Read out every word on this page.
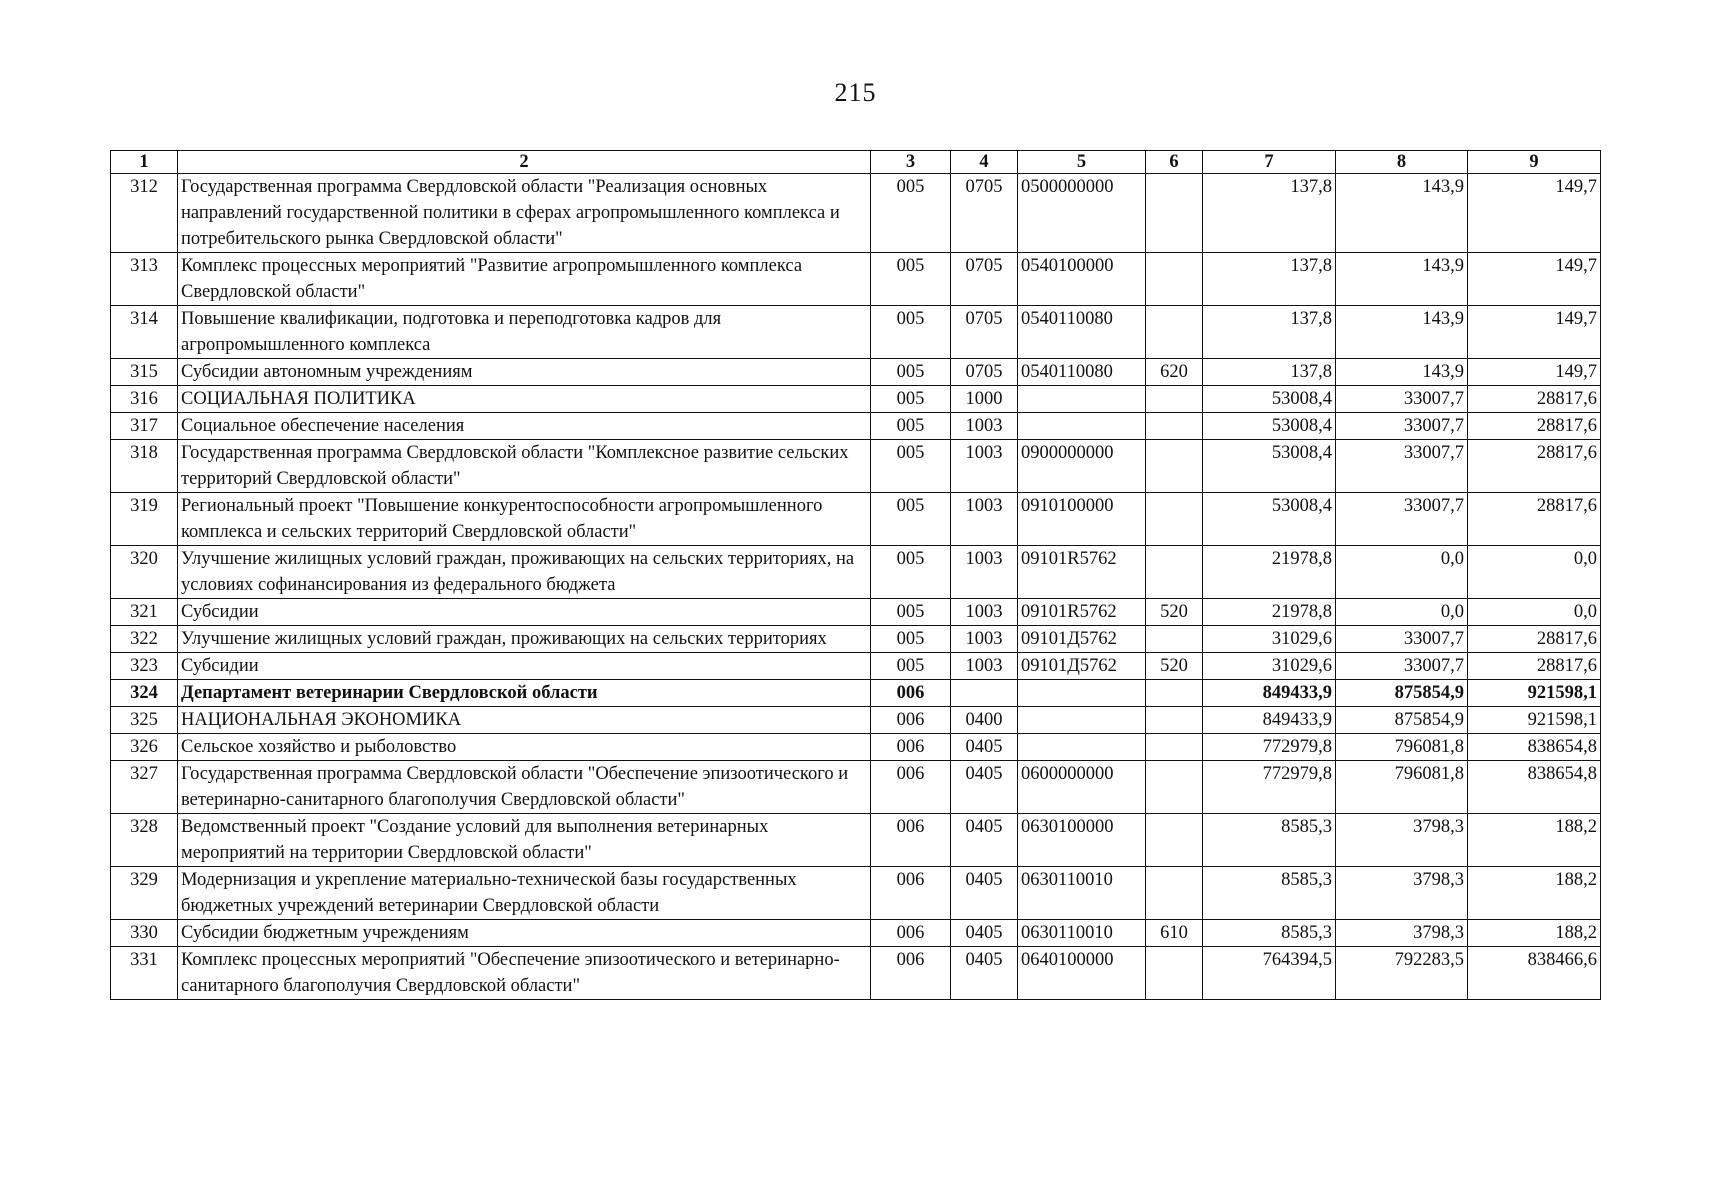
215
1	2	3	4	5	6	7	8	9
312	Государственная программа Свердловской области "Реализация основных направлений государственной политики в сферах агропромышленного комплекса и потребительского рынка Свердловской области"	005	0705	0500000000		137,8	143,9	149,7
313	Комплекс процессных мероприятий "Развитие агропромышленного комплекса Свердловской области"	005	0705	0540100000		137,8	143,9	149,7
314	Повышение квалификации, подготовка и переподготовка кадров для агропромышленного комплекса	005	0705	0540110080		137,8	143,9	149,7
315	Субсидии автономным учреждениям	005	0705	0540110080	620	137,8	143,9	149,7
316	СОЦИАЛЬНАЯ ПОЛИТИКА	005	1000			53008,4	33007,7	28817,6
317	Социальное обеспечение населения	005	1003			53008,4	33007,7	28817,6
318	Государственная программа Свердловской области "Комплексное развитие сельских территорий Свердловской области"	005	1003	0900000000		53008,4	33007,7	28817,6
319	Региональный проект "Повышение конкурентоспособности агропромышленного комплекса и сельских территорий Свердловской области"	005	1003	0910100000		53008,4	33007,7	28817,6
320	Улучшение жилищных условий граждан, проживающих на сельских территориях, на условиях софинансирования из федерального бюджета	005	1003	09101R5762		21978,8	0,0	0,0
321	Субсидии	005	1003	09101R5762	520	21978,8	0,0	0,0
322	Улучшение жилищных условий граждан, проживающих на сельских территориях	005	1003	09101Д5762		31029,6	33007,7	28817,6
323	Субсидии	005	1003	09101Д5762	520	31029,6	33007,7	28817,6
324	Департамент ветеринарии Свердловской области	006				849433,9	875854,9	921598,1
325	НАЦИОНАЛЬНАЯ ЭКОНОМИКА	006	0400			849433,9	875854,9	921598,1
326	Сельское хозяйство и рыболовство	006	0405			772979,8	796081,8	838654,8
327	Государственная программа Свердловской области "Обеспечение эпизоотического и ветеринарно-санитарного благополучия Свердловской области"	006	0405	0600000000		772979,8	796081,8	838654,8
328	Ведомственный проект "Создание условий для выполнения ветеринарных мероприятий на территории Свердловской области"	006	0405	0630100000		8585,3	3798,3	188,2
329	Модернизация и укрепление материально-технической базы государственных бюджетных учреждений ветеринарии Свердловской области	006	0405	0630110010		8585,3	3798,3	188,2
330	Субсидии бюджетным учреждениям	006	0405	0630110010	610	8585,3	3798,3	188,2
331	Комплекс процессных мероприятий "Обеспечение эпизоотического и ветеринарно-санитарного благополучия Свердловской области"	006	0405	0640100000		764394,5	792283,5	838466,6
